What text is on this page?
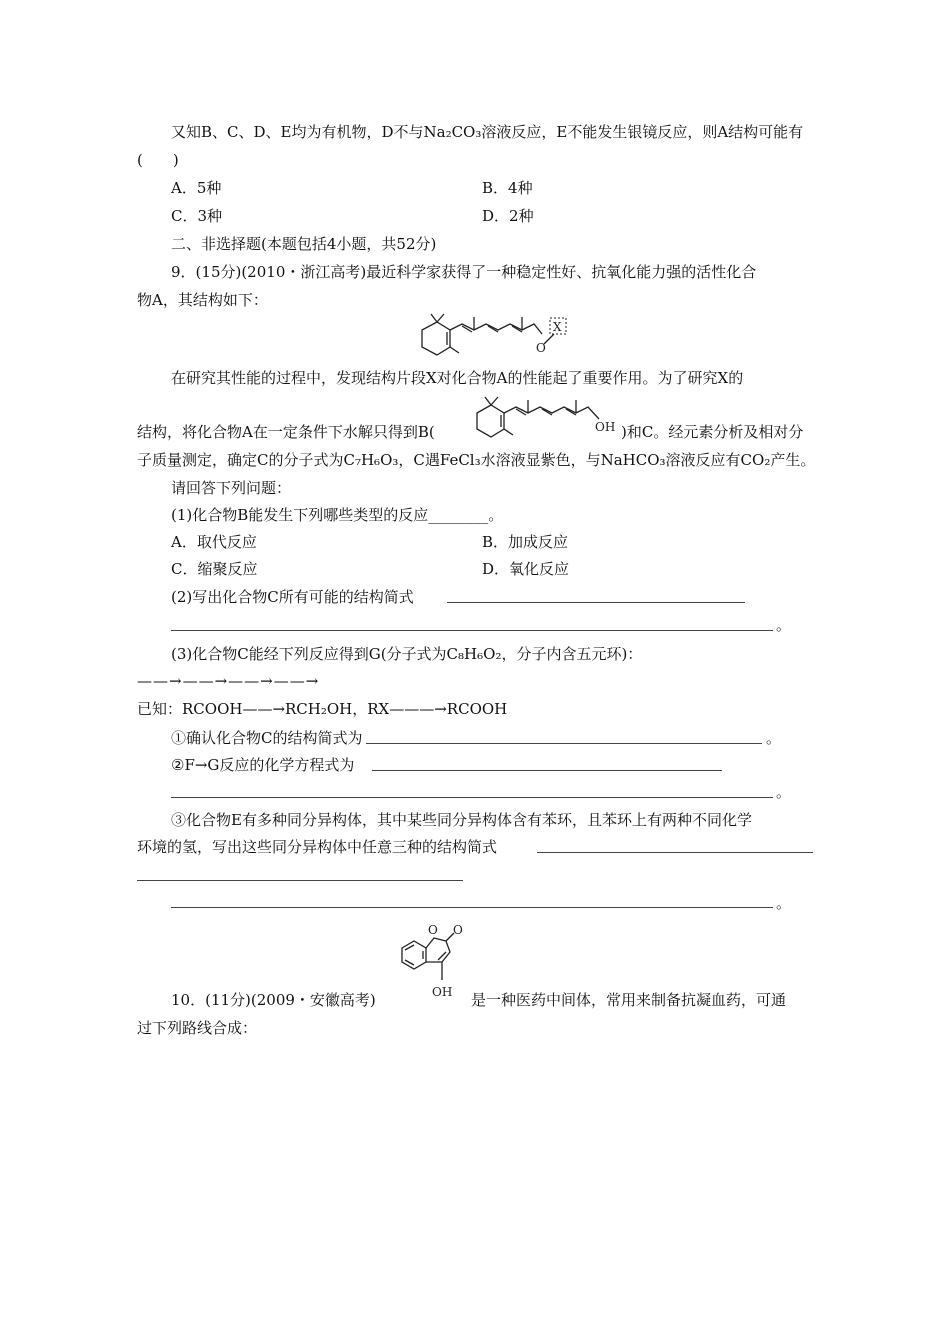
又知B、C、D、E均为有机物，D不与Na₂CO₃溶液反应，E不能发生银镜反应，则A结构可能有
(　　)
A．5种	B．4种
C．3种	D．2种
二、非选择题(本题包括4小题，共52分)
9．(15分)(2010・浙江高考)最近科学家获得了一种稳定性好、抗氧化能力强的活性化合
物A，其结构如下：
O
X
在研究其性能的过程中，发现结构片段X对化合物A的性能起了重要作用。为了研究X的
结构，将化合物A在一定条件下水解只得到B(	OH )和C。经元素分析及相对分
子质量测定，确定C的分子式为C₇H₆O₃，C遇FeCl₃水溶液显紫色，与NaHCO₃溶液反应有CO₂产生。
请回答下列问题：
(1)化合物B能发生下列哪些类型的反应________。
A．取代反应	B．加成反应
C．缩聚反应	D．氧化反应
(2)写出化合物C所有可能的结构简式
。
(3)化合物C能经下列反应得到G(分子式为C₈H₆O₂，分子内含五元环)：
——→——→——→——→
已知：RCOOH——→RCH₂OH，RX———→RCOOH
①确认化合物C的结构简式为	。
②F→G反应的化学方程式为
。
③化合物E有多种同分异构体，其中某些同分异构体含有苯环，且苯环上有两种不同化学
环境的氢，写出这些同分异构体中任意三种的结构简式
。
10．(11分)(2009・安徽高考)
O O
OH 是一种医药中间体，常用来制备抗凝血药，可通
过下列路线合成：
